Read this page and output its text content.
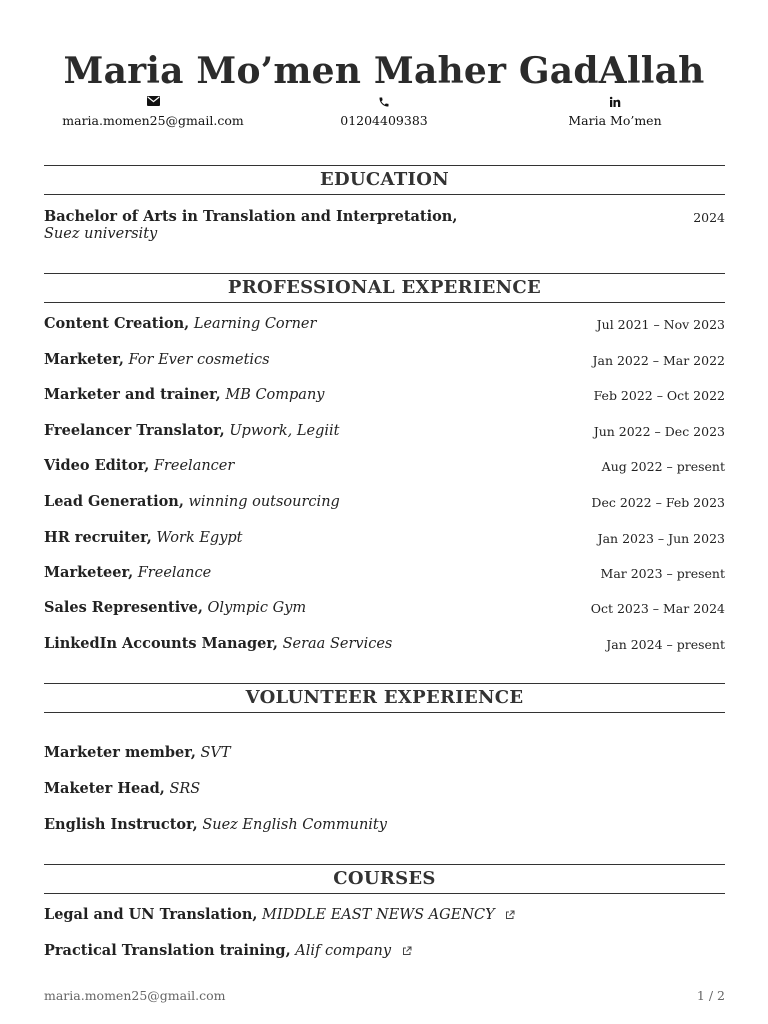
Maria Mo’men Maher GadAllah
maria.momen25@gmail.com	01204409383	Maria Mo’men
EDUCATION
Bachelor of Arts in Translation and Interpretation,	2024
Suez university
PROFESSIONAL EXPERIENCE
Content Creation, Learning Corner	Jul 2021 – Nov 2023
Marketer, For Ever cosmetics	Jan 2022 – Mar 2022
Marketer and trainer, MB Company	Feb 2022 – Oct 2022
Freelancer Translator, Upwork, Legiit	Jun 2022 – Dec 2023
Video Editor, Freelancer	Aug 2022 – present
Lead Generation, winning outsourcing	Dec 2022 – Feb 2023
HR recruiter, Work Egypt	Jan 2023 – Jun 2023
Marketeer, Freelance	Mar 2023 – present
Sales Representive, Olympic Gym	Oct 2023 – Mar 2024
LinkedIn Accounts Manager, Seraa Services	Jan 2024 – present
VOLUNTEER EXPERIENCE
Marketer member, SVT
Maketer Head, SRS
English Instructor, Suez English Community
COURSES
Legal and UN Translation, MIDDLE EAST NEWS AGENCY
Practical Translation training, Alif company
maria.momen25@gmail.com	1 / 2
